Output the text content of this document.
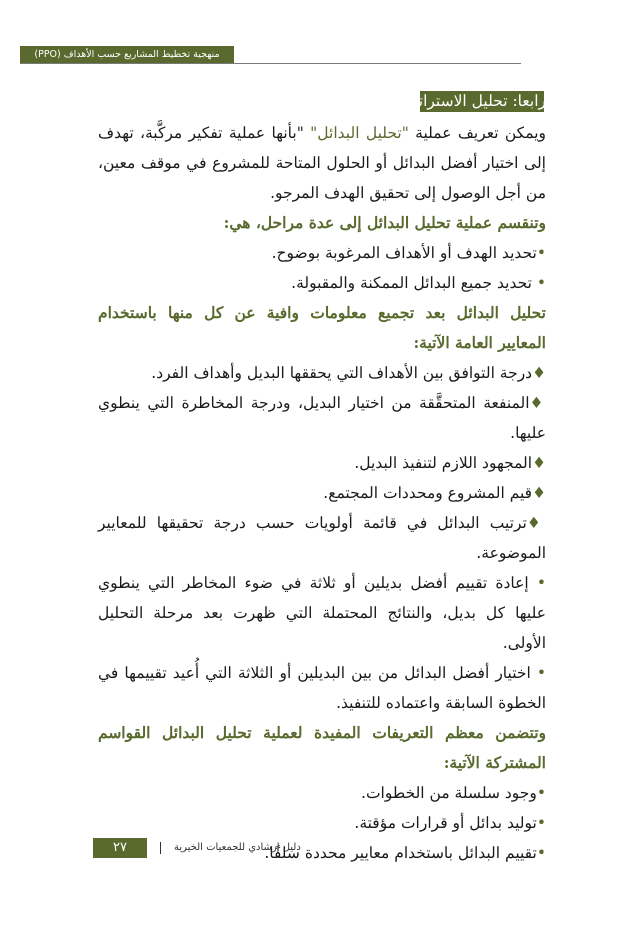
منهجية تخطيط المشاريع حسب الأهداف (PPO)
رابعا: تحليل الاستراتيجيات/ البدائل

ويمكن تعريف عملية "تحليل البدائل" "بأنها عملية تفكير مركَّبة، تهدف إلى اختيار أفضل البدائل أو الحلول المتاحة للمشروع في موقف معين، من أجل الوصول إلى تحقيق الهدف المرجو.

وتنقسم عملية تحليل البدائل إلى عدة مراحل، هي:

•تحديد الهدف أو الأهداف المرغوبة بوضوح.

• تحديد جميع البدائل الممكنة والمقبولة.

تحليل البدائل بعد تجميع معلومات وافية عن كل منها باستخدام المعايير العامة الآتية:

♦درجة التوافق بين الأهداف التي يحققها البديل وأهداف الفرد.

♦المنفعة المتحقَّقة من اختيار البديل، ودرجة المخاطرة التي ينطوي عليها.

♦المجهود اللازم لتنفيذ البديل.

♦قيم المشروع ومحددات المجتمع.

♦ترتيب البدائل في قائمة أولويات حسب درجة تحقيقها للمعايير الموضوعة.

• إعادة تقييم أفضل بديلين أو ثلاثة في ضوء المخاطر التي ينطوي عليها كل بديل، والنتائج المحتملة التي ظهرت بعد مرحلة التحليل الأولى.

• اختيار أفضل البدائل من بين البديلين أو الثلاثة التي أُعيد تقييمها في الخطوة السابقة واعتماده للتنفيذ.

وتتضمن معظم التعريفات المفيدة لعملية تحليل البدائل القواسم المشتركة الآتية:

•وجود سلسلة من الخطوات.

•توليد بدائل أو قرارات مؤقتة.

•تقييم البدائل باستخدام معايير محددة سلفًا.

٢٧	دليل إرشادي للجمعيات الخيرية
